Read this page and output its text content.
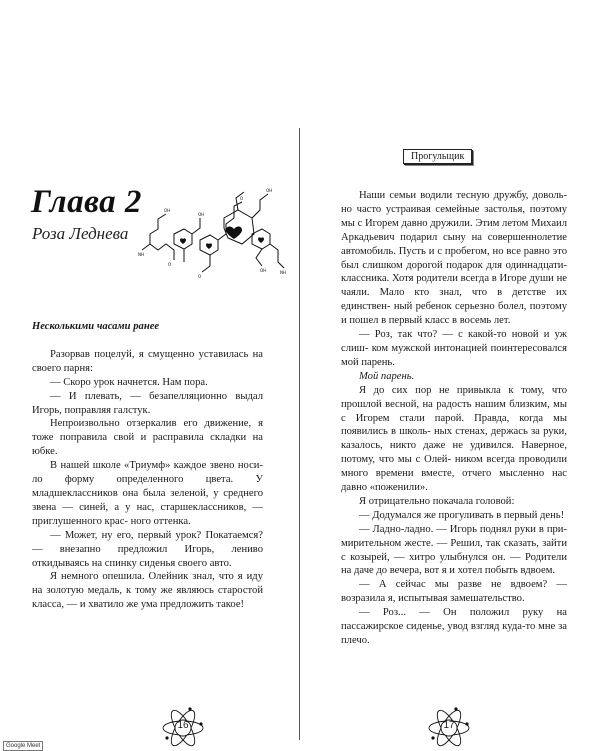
Глава 2
Роза Леднева
NH
OH
O
OH
O
OH
NH
O
OH

Несколькими часами ранее

Разорвав поцелуй, я смущенно уставилась на своего парня:

— Скоро урок начнется. Нам пора.

— И плевать, — безапелляционно выдал Игорь, поправляя галстук.

Непроизвольно отзеркалив его движение, я тоже поправила свой и расправила складки на юбке.

В нашей школе «Триумф» каждое звено носи- ло форму определенного цвета. У младшеклассников она была зеленой, у среднего звена — синей, а у нас, старшеклассников, — приглушенного крас- ного оттенка.

— Может, ну его, первый урок? Покатаемся? — внезапно предложил Игорь, лениво откидываясь на спинку сиденья своего авто.

Я немного опешила. Олейник знал, что я иду на золотую медаль, к тому же являюсь старостой класса, — и хватило же ума предложить такое!

16
Прогульщик

Наши семьи водили тесную дружбу, доволь- но часто устраивая семейные застолья, поэтому мы с Игорем давно дружили. Этим летом Михаил Аркадьевич подарил сыну на совершеннолетие автомобиль. Пусть и с пробегом, но все равно это был слишком дорогой подарок для одиннадцати- классника. Хотя родители всегда в Игоре души не чаяли. Мало кто знал, что в детстве их единствен- ный ребенок серьезно болел, поэтому и пошел в первый класс в восемь лет.

— Роз, так что? — с какой-то новой и уж слиш- ком мужской интонацией поинтересовался мой парень.

Мой парень.

Я до сих пор не привыкла к тому, что прошлой весной, на радость нашим близким, мы с Игорем стали парой. Правда, когда мы появились в школь- ных стенах, держась за руки, казалось, никто даже не удивился. Наверное, потому, что мы с Олей- ником всегда проводили много времени вместе, отчего мысленно нас давно «поженили».

Я отрицательно покачала головой:

— Додумался же прогуливать в первый день!

— Ладно-ладно. — Игорь поднял руки в при- мирительном жесте. — Решил, так сказать, зайти с козырей, — хитро улыбнулся он. — Родители на даче до вечера, вот я и хотел побыть вдвоем.

— А сейчас мы разве не вдвоем? — возразила я, испытывая замешательство.

— Роз... — Он положил руку на пассажирское сиденье, увод взгляд куда-то мне за плечо.

17
Google Meet
